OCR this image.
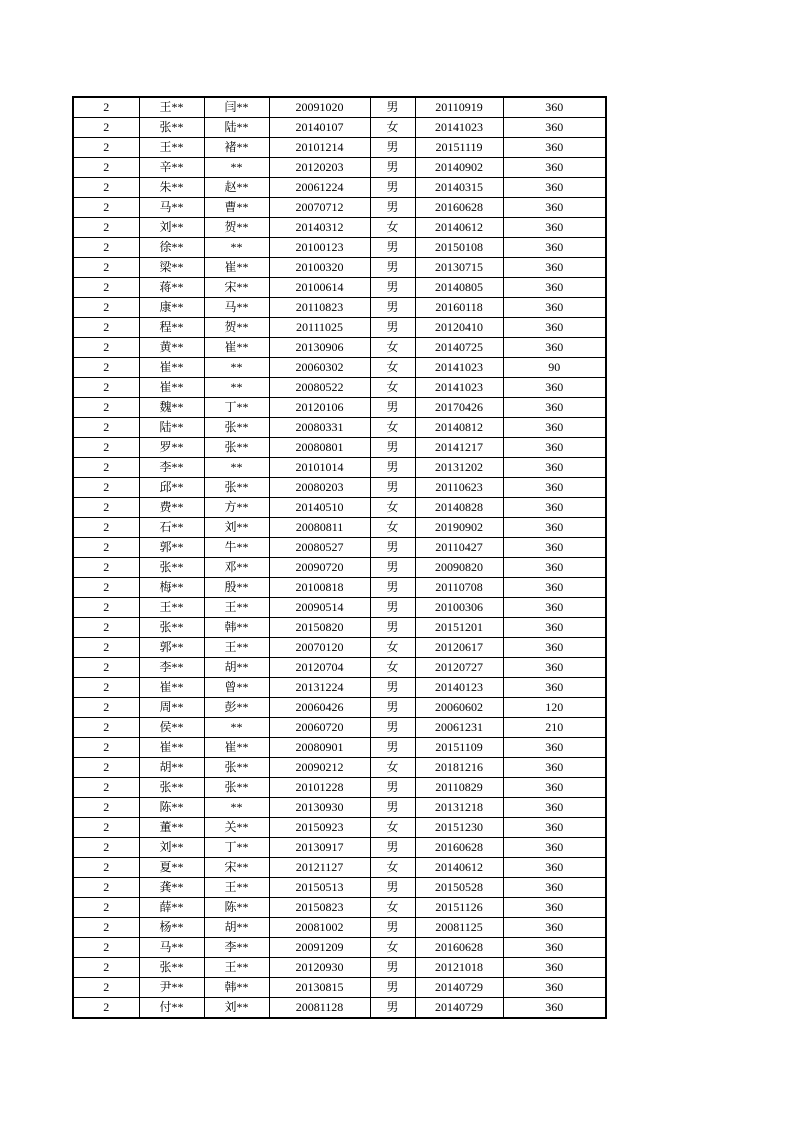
2	王**	闫**	20091020	男	20110919	360
2	张**	陆**	20140107	女	20141023	360
2	王**	褚**	20101214	男	20151119	360
2	辛**	**	20120203	男	20140902	360
2	朱**	赵**	20061224	男	20140315	360
2	马**	曹**	20070712	男	20160628	360
2	刘**	贺**	20140312	女	20140612	360
2	徐**	**	20100123	男	20150108	360
2	梁**	崔**	20100320	男	20130715	360
2	蒋**	宋**	20100614	男	20140805	360
2	康**	马**	20110823	男	20160118	360
2	程**	贺**	20111025	男	20120410	360
2	黄**	崔**	20130906	女	20140725	360
2	崔**	**	20060302	女	20141023	90
2	崔**	**	20080522	女	20141023	360
2	魏**	丁**	20120106	男	20170426	360
2	陆**	张**	20080331	女	20140812	360
2	罗**	张**	20080801	男	20141217	360
2	李**	**	20101014	男	20131202	360
2	邱**	张**	20080203	男	20110623	360
2	费**	方**	20140510	女	20140828	360
2	石**	刘**	20080811	女	20190902	360
2	郭**	牛**	20080527	男	20110427	360
2	张**	邓**	20090720	男	20090820	360
2	梅**	殷**	20100818	男	20110708	360
2	王**	王**	20090514	男	20100306	360
2	张**	韩**	20150820	男	20151201	360
2	郭**	王**	20070120	女	20120617	360
2	李**	胡**	20120704	女	20120727	360
2	崔**	曾**	20131224	男	20140123	360
2	周**	彭**	20060426	男	20060602	120
2	侯**	**	20060720	男	20061231	210
2	崔**	崔**	20080901	男	20151109	360
2	胡**	张**	20090212	女	20181216	360
2	张**	张**	20101228	男	20110829	360
2	陈**	**	20130930	男	20131218	360
2	董**	关**	20150923	女	20151230	360
2	刘**	丁**	20130917	男	20160628	360
2	夏**	宋**	20121127	女	20140612	360
2	龚**	王**	20150513	男	20150528	360
2	薛**	陈**	20150823	女	20151126	360
2	杨**	胡**	20081002	男	20081125	360
2	马**	李**	20091209	女	20160628	360
2	张**	王**	20120930	男	20121018	360
2	尹**	韩**	20130815	男	20140729	360
2	付**	刘**	20081128	男	20140729	360
